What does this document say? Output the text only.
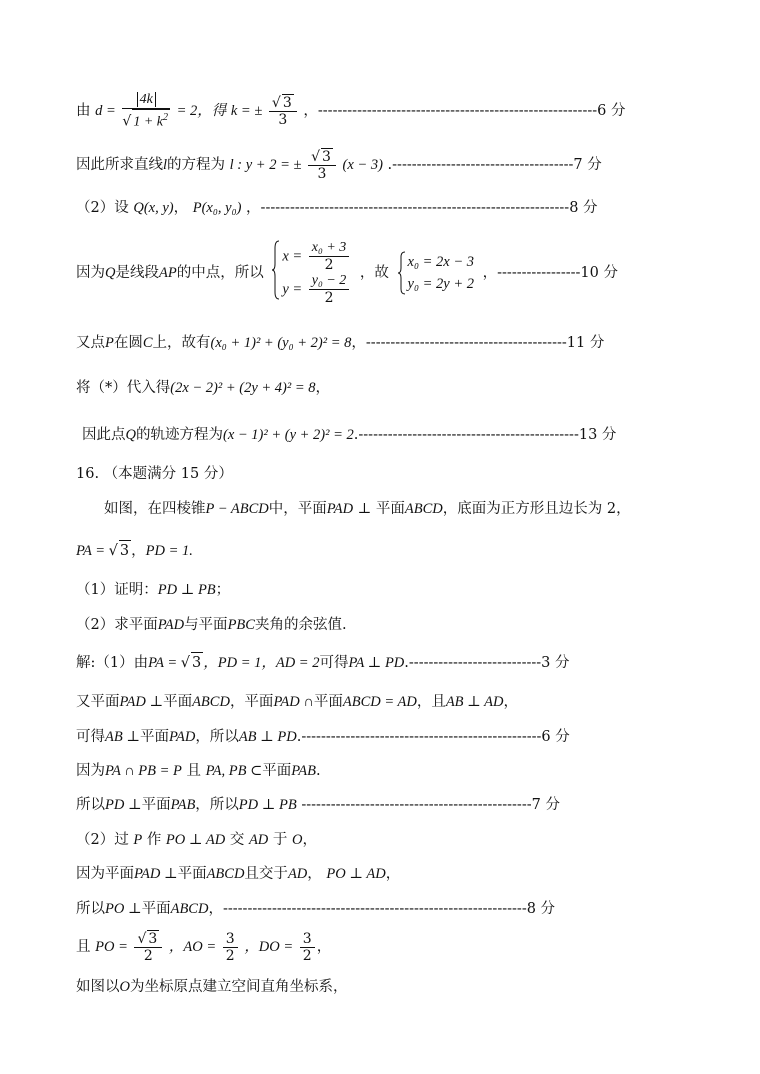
由 $d = \frac{4k}{√ 1 + k^2} = 2$，得 k = ± $\frac{√ 3}{3}$ ，---------------------------------------------------------6 分
因此所求直线l的方程为 l : y + 2 = ± $\frac{√ 3}{3} (x - 3)$ .-------------------------------------7 分
（2）设 Q(x, y)， P(x₀, y₀) ，---------------------------------------------------------------8 分
因为Q是线段AP的中点，所以
$x = \frac{\text{x₀ + 3}}{2}$
$y = \frac{\text{y₀ − 2}}{2}$ ，故
x₀ = 2x − 3
y₀ = 2y + 2
，-----------------10 分
又点P在圆C上，故有(x₀ + 1)² + (y₀ + 2)² = 8，-----------------------------------------11 分
将（*）代入得(2x − 2)² + (2y + 4)² = 8，
因此点Q的轨迹方程为(x − 1)² + (y + 2)² = 2.---------------------------------------------13 分
16. （本题满分 15 分）
如图，在四棱锥P − ABCD中，平面PAD ⊥ 平面ABCD，底面为正方形且边长为 2，
PA = √ 3 ，PD = 1.
（1）证明：PD ⊥ PB；
（2）求平面PAD与平面PBC夹角的余弦值.
解:（1）由PA = √ 3 ，PD = 1，AD = 2可得PA ⊥ PD.---------------------------3 分
又平面PAD ⊥平面ABCD，平面PAD ∩平面ABCD = AD，且AB ⊥ AD，
可得AB ⊥平面PAD，所以AB ⊥ PD.-------------------------------------------------6 分
因为PA ∩ PB = P 且 PA, PB ⊂平面PAB.
所以PD ⊥平面PAB，所以PD ⊥ PB -----------------------------------------------7 分
（2）过 P 作 PO ⊥ AD 交 AD 于 O，
因为平面PAD ⊥平面ABCD且交于AD， PO ⊥ AD，
所以PO ⊥平面ABCD，--------------------------------------------------------------8 分
且 PO = $\frac{√ 3}{2}$ ，AO = $\frac{3}{2}$ ，DO = $\frac{3}{2}$ ，
如图以O为坐标原点建立空间直角坐标系，
